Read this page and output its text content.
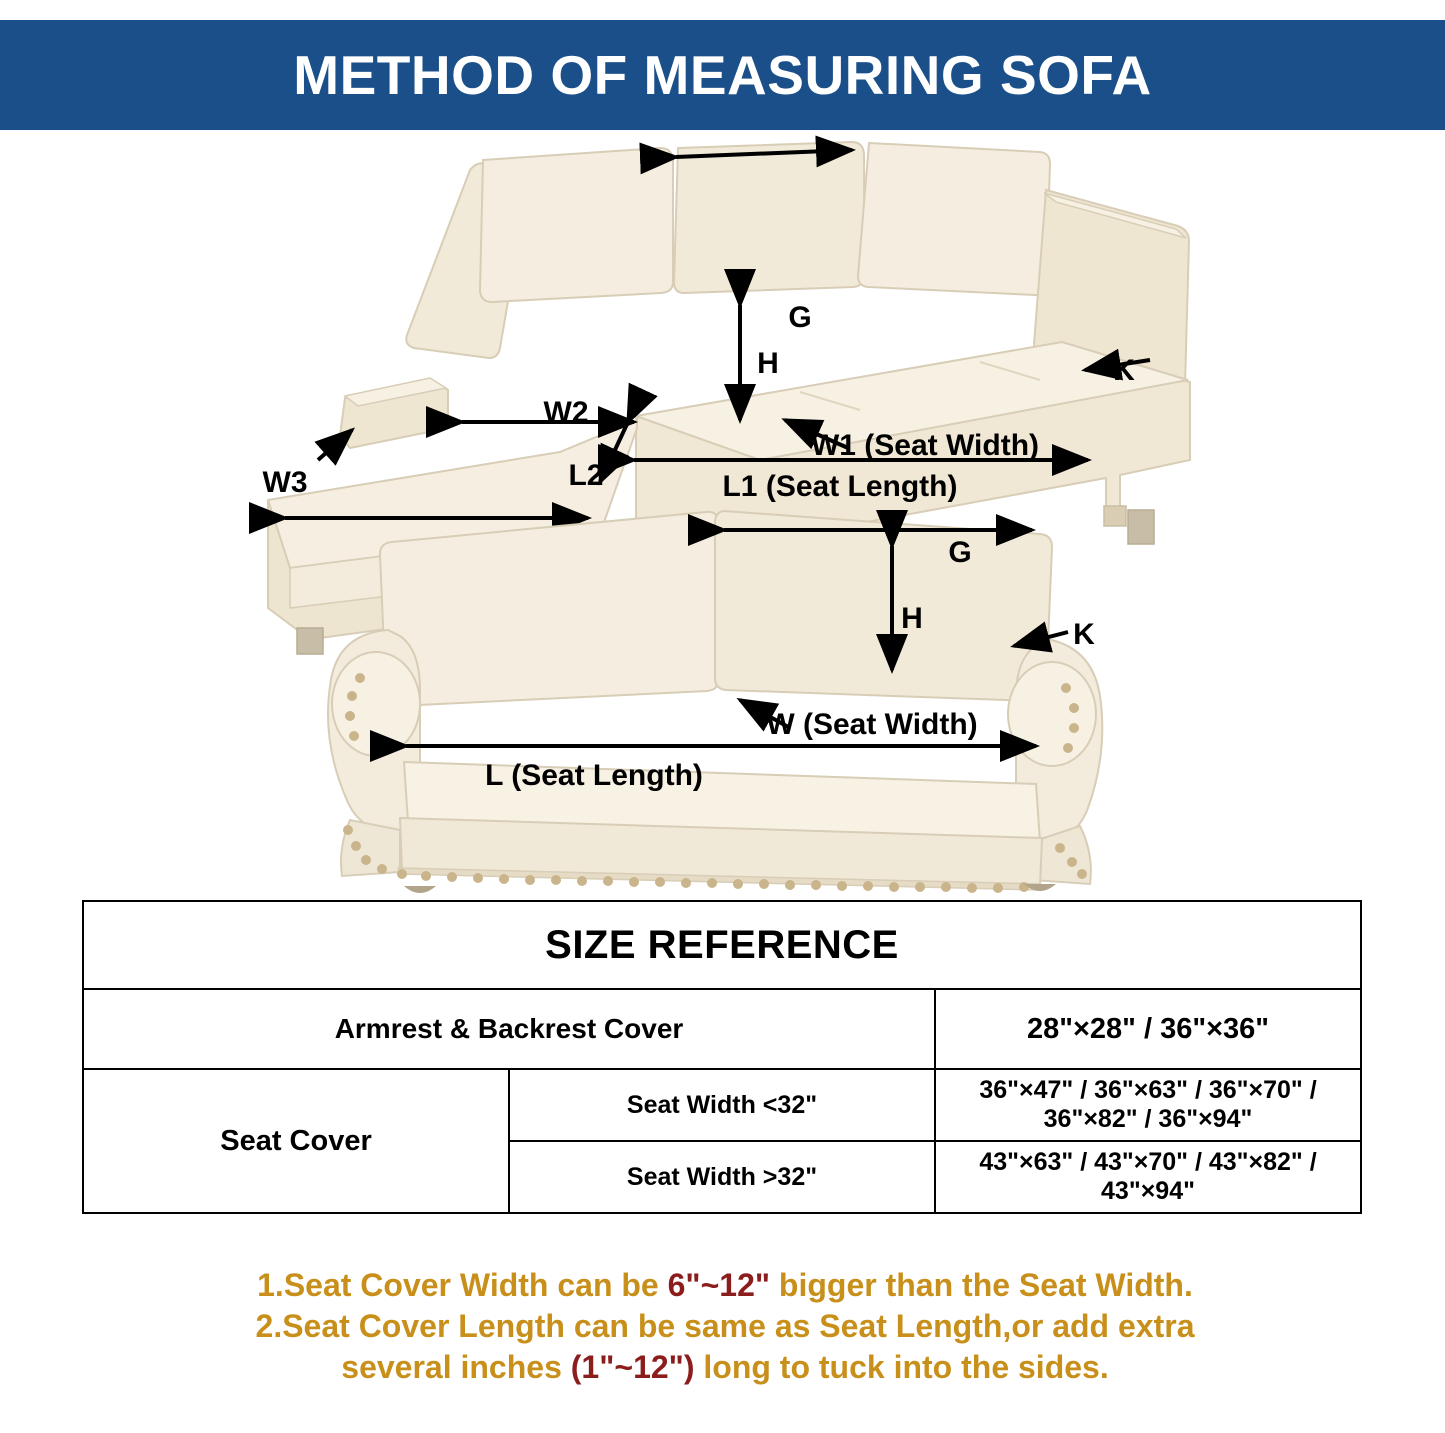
METHOD OF MEASURING SOFA
G
H	K
W1 (Seat Width)
L1 (Seat Length)
W2
L2
W3
G
H	K
W (Seat Width)
L (Seat Length)
SIZE REFERENCE		
Armrest & Backrest Cover		28"×28" / 36"×36"
Seat Cover	Seat Width <32"	36"×47" / 36"×63" / 36"×70" / 36"×82" / 36"×94"
	Seat Width >32"	43"×63" / 43"×70" / 43"×82" / 43"×94"
1.Seat Cover Width can be 6"~12" bigger than the Seat Width.
2.Seat Cover Length can be same as Seat Length,or add extra
several inches (1"~12") long to tuck into the sides.
